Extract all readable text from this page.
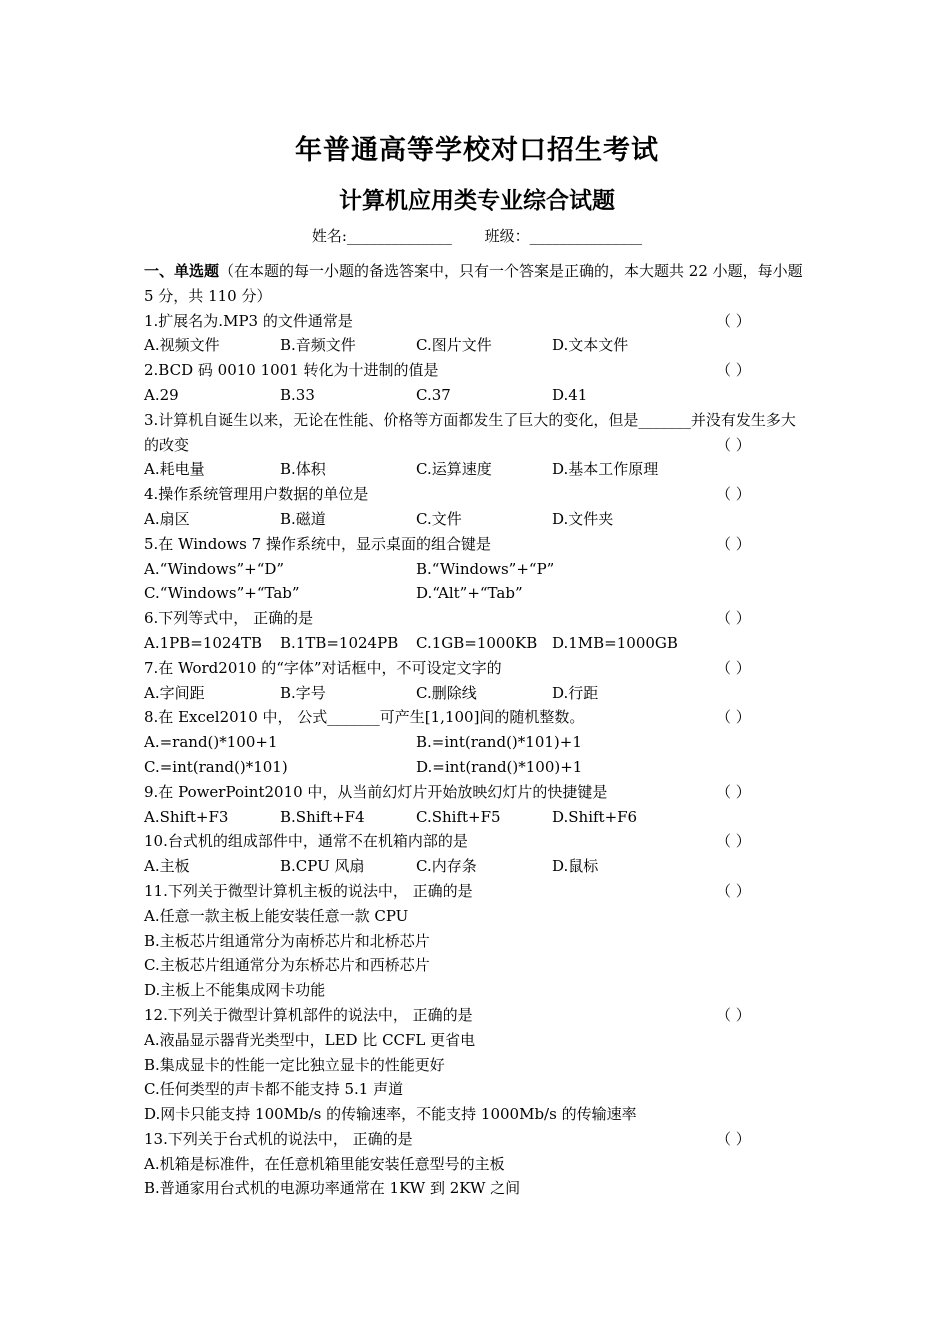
年普通高等学校对口招生考试
计算机应用类专业综合试题
姓名:______________ 班级：_______________
一、单选题（在本题的每一小题的备选答案中，只有一个答案是正确的，本大题共 22 小题，每小题 5 分，共 110 分）
1.扩展名为.MP3 的文件通常是	（ ）
A.视频文件	B.音频文件	C.图片文件	D.文本文件
2.BCD 码 0010 1001 转化为十进制的值是	（ ）
A.29	B.33	C.37	D.41
3.计算机自诞生以来，无论在性能、价格等方面都发生了巨大的变化，但是_______并没有发生多大的改变	（ ）
A.耗电量	B.体积	C.运算速度	D.基本工作原理
4.操作系统管理用户数据的单位是	（ ）
A.扇区	B.磁道	C.文件	D.文件夹
5.在 Windows 7 操作系统中，显示桌面的组合键是	（ ）
A.“Windows”+“D”	B.“Windows”+“P”
C.“Windows”+“Tab”	D.“Alt”+“Tab”
6.下列等式中， 正确的是	（ ）
A.1PB=1024TB B.1TB=1024PB C.1GB=1000KB D.1MB=1000GB
7.在 Word2010 的“字体”对话框中，不可设定文字的	（ ）
A.字间距	B.字号	C.删除线	D.行距
8.在 Excel2010 中， 公式_______可产生[1,100]间的随机整数。	（ ）
A.=rand()*100+1	B.=int(rand()*101)+1
C.=int(rand()*101)	D.=int(rand()*100)+1
9.在 PowerPoint2010 中，从当前幻灯片开始放映幻灯片的快捷键是	（ ）
A.Shift+F3	B.Shift+F4	C.Shift+F5	D.Shift+F6
10.台式机的组成部件中，通常不在机箱内部的是	（ ）
A.主板	B.CPU 风扇	C.内存条	D.鼠标
11.下列关于微型计算机主板的说法中， 正确的是	（ ）
A.任意一款主板上能安装任意一款 CPU
B.主板芯片组通常分为南桥芯片和北桥芯片
C.主板芯片组通常分为东桥芯片和西桥芯片
D.主板上不能集成网卡功能
12.下列关于微型计算机部件的说法中， 正确的是	（ ）
A.液晶显示器背光类型中，LED 比 CCFL 更省电
B.集成显卡的性能一定比独立显卡的性能更好
C.任何类型的声卡都不能支持 5.1 声道
D.网卡只能支持 100Mb/s 的传输速率，不能支持 1000Mb/s 的传输速率
13.下列关于台式机的说法中， 正确的是	（ ）
A.机箱是标准件，在任意机箱里能安装任意型号的主板
B.普通家用台式机的电源功率通常在 1KW 到 2KW 之间
